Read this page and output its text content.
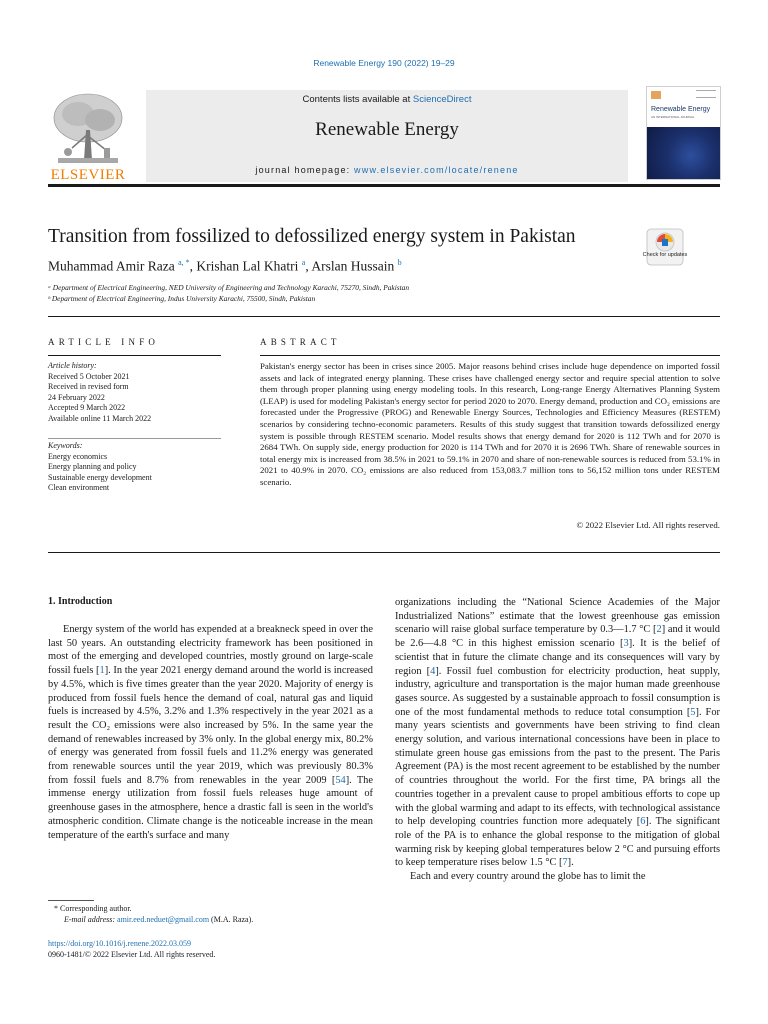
Renewable Energy 190 (2022) 19–29
ELSEVIER
Contents lists available at ScienceDirect
Renewable Energy
journal homepage: www.elsevier.com/locate/renene
Renewable Energy
AN INTERNATIONAL JOURNAL
Transition from fossilized to defossilized energy system in Pakistan
Check for updates
Muhammad Amir Raza $^{a, *}$, Krishan Lal Khatri $^a$, Arslan Hussain $^b$
ᵃ Department of Electrical Engineering, NED University of Engineering and Technology Karachi, 75270, Sindh, Pakistan
ᵇ Department of Electrical Engineering, Indus University Karachi, 75500, Sindh, Pakistan
ARTICLE INFO	ABSTRACT
Article history:
Received 5 October 2021
Received in revised form
24 February 2022
Accepted 9 March 2022
Available online 11 March 2022
Keywords:
Energy economics
Energy planning and policy
Sustainable energy development
Clean environment
Pakistan's energy sector has been in crises since 2005. Major reasons behind crises include huge dependence on imported fossil assets and lack of integrated energy planning. These crises have challenged energy sector and require special attention to solve them through proper planning using energy modeling tools. In this research, Long-range Energy Alternatives Planning System (LEAP) is used for modeling Pakistan's energy sector for period 2020 to 2070. Energy demand, production and CO₂ emissions are forecasted under the Progressive (PROG) and Renewable Energy Sources, Technologies and Efficiency Measures (RESTEM) scenarios by considering techno-economic parameters. Results of this study suggest that transition towards defossilized energy system is possible through RESTEM scenario. Model results shows that energy demand for 2020 is 112 TWh and for 2070 is 2684 TWh. On supply side, energy production for 2020 is 114 TWh and for 2070 it is 2696 TWh. Share of renewable sources in total energy mix is increased from 38.5% in 2021 to 59.1% in 2070 and share of non-renewable sources is reduced from 53.1% in 2021 to 40.9% in 2070. CO₂ emissions are also reduced from 153,083.7 million tons to 56,152 million tons under RESTEM scenario.
© 2022 Elsevier Ltd. All rights reserved.
1. Introduction

Energy system of the world has expended at a breakneck speed in over the last 50 years. An outstanding electricity framework has been positioned in most of the emerging and developed countries, mostly ground on large-scale fossil fuels [1]. In the year 2021 energy demand around the world is increased by 4.5%, which is five times greater than the year 2020. Majority of energy is produced from fossil fuels hence the demand of coal, natural gas and liquid fuels is increased by 4.5%, 3.2% and 1.3% respectively in the year 2021 as a result the CO₂ emissions were also increased by 5%. In the same year the demand of renewables increased by 3% only. In the global energy mix, 80.2% of energy was generated from fossil fuels and 11.2% energy was generated from renewable sources until the year 2019, which was previously 80.3% from fossil fuels and 8.7% from renewables in the year 2009 [54]. The immense energy utilization from fossil fuels releases huge amount of greenhouse gases in the atmosphere, hence a drastic fall is seen in the world's atmospheric condition. Climate change is the noticeable increase in the mean temperature of the earth's surface and many

organizations including the “National Science Academies of the Major Industrialized Nations” estimate that the lowest greenhouse gas emission scenario will raise global surface temperature by 0.3—1.7 °C [2] and it would be 2.6—4.8 °C in this highest emission scenario [3]. It is the belief of scientist that in future the climate change and its consequences will vary by region [4]. Fossil fuel combustion for electricity production, heat supply, industry, agriculture and transportation is the major human made greenhouse gases source. As suggested by a sustainable approach to fossil consumption is one of the most fundamental methods to reduce total consumption [5]. For many years scientists and governments have been striving to find clean energy solution, and various international concessions have been in place to stimulate green house gas emissions from the past to the present. The Paris Agreement (PA) is the most recent agreement to be established by the number of countries throughout the world. For the first time, PA brings all the countries together in a prevalent cause to propel ambitious efforts to cope up with the global warming and adapt to its effects, with technological assistance to help developing countries function more adequately [6]. The significant role of the PA is to enhance the global response to the mitigation of global warming risk by keeping global temperatures below 2 °C and pursuing efforts to keep temperature rises below 1.5 °C [7].

Each and every country around the globe has to limit the

* Corresponding author.
E-mail address: amir.eed.neduet@gmail.com (M.A. Raza).
https://doi.org/10.1016/j.renene.2022.03.059
0960-1481/© 2022 Elsevier Ltd. All rights reserved.
